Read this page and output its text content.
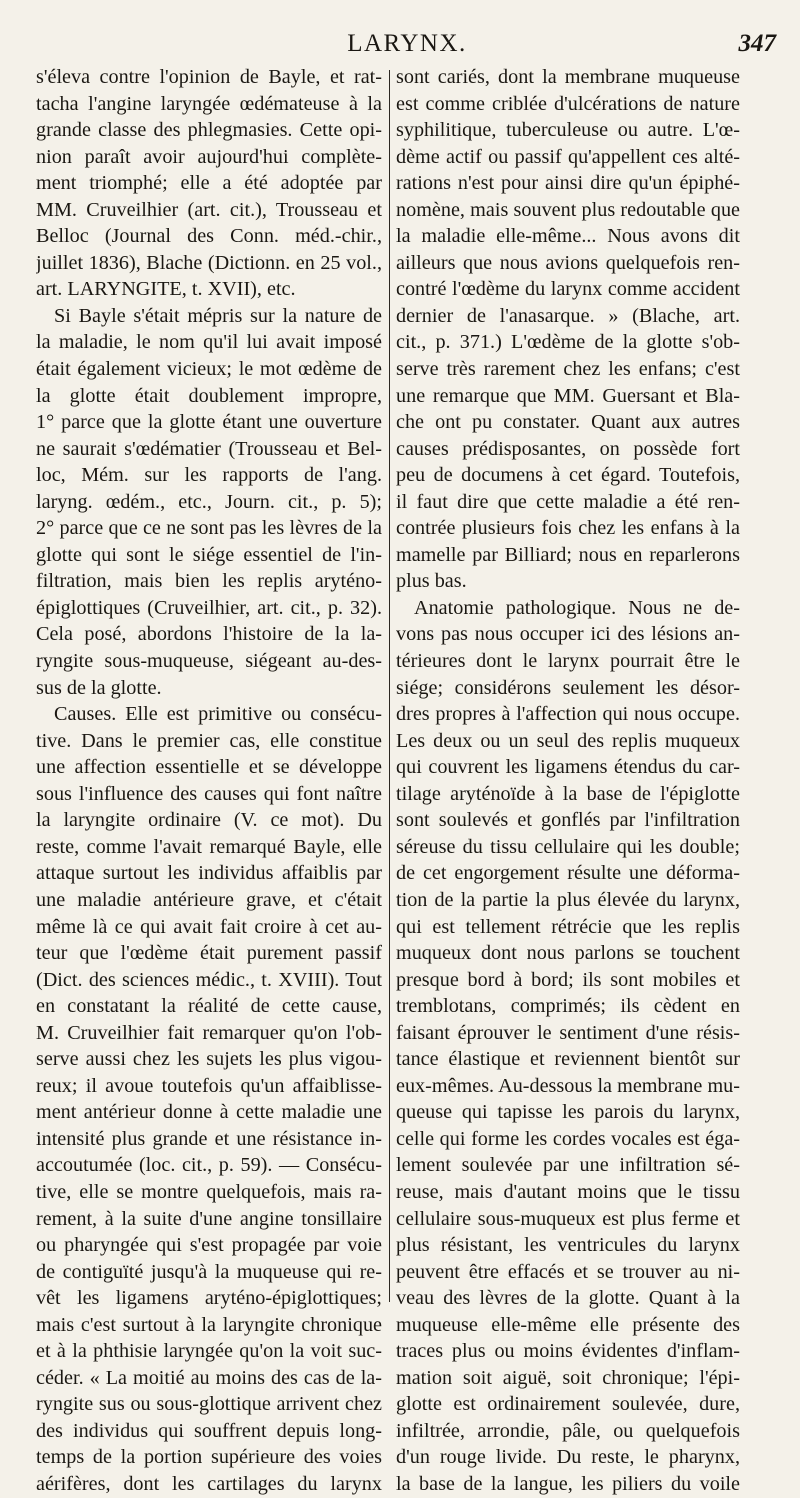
LARYNX.	347
s'éleva contre l'opinion de Bayle, et rat-
tacha l'angine laryngée œdémateuse à la
grande classe des phlegmasies. Cette opi-
nion paraît avoir aujourd'hui complète-
ment triomphé; elle a été adoptée par
MM. Cruveilhier (art. cit.), Trousseau et
Belloc (Journal des Conn. méd.-chir.,
juillet 1836), Blache (Dictionn. en 25 vol.,
art. LARYNGITE, t. XVII), etc.
Si Bayle s'était mépris sur la nature de
la maladie, le nom qu'il lui avait imposé
était également vicieux; le mot œdème de
la glotte était doublement impropre,
1° parce que la glotte étant une ouverture
ne saurait s'œdématier (Trousseau et Bel-
loc, Mém. sur les rapports de l'ang.
laryng. œdém., etc., Journ. cit., p. 5);
2° parce que ce ne sont pas les lèvres de la
glotte qui sont le siége essentiel de l'in-
filtration, mais bien les replis aryténo-
épiglottiques (Cruveilhier, art. cit., p. 32).
Cela posé, abordons l'histoire de la la-
ryngite sous-muqueuse, siégeant au-des-
sus de la glotte.
Causes. Elle est primitive ou consécu-
tive. Dans le premier cas, elle constitue
une affection essentielle et se développe
sous l'influence des causes qui font naître
la laryngite ordinaire (V. ce mot). Du
reste, comme l'avait remarqué Bayle, elle
attaque surtout les individus affaiblis par
une maladie antérieure grave, et c'était
même là ce qui avait fait croire à cet au-
teur que l'œdème était purement passif
(Dict. des sciences médic., t. XVIII). Tout
en constatant la réalité de cette cause,
M. Cruveilhier fait remarquer qu'on l'ob-
serve aussi chez les sujets les plus vigou-
reux; il avoue toutefois qu'un affaiblisse-
ment antérieur donne à cette maladie une
intensité plus grande et une résistance in-
accoutumée (loc. cit., p. 59). — Consécu-
tive, elle se montre quelquefois, mais ra-
rement, à la suite d'une angine tonsillaire
ou pharyngée qui s'est propagée par voie
de contiguïté jusqu'à la muqueuse qui re-
vêt les ligamens aryténo-épiglottiques;
mais c'est surtout à la laryngite chronique
et à la phthisie laryngée qu'on la voit suc-
céder. « La moitié au moins des cas de la-
ryngite sus ou sous-glottique arrivent chez
des individus qui souffrent depuis long-
temps de la portion supérieure des voies
aérifères, dont les cartilages du larynx
sont cariés, dont la membrane muqueuse
est comme criblée d'ulcérations de nature
syphilitique, tuberculeuse ou autre. L'œ-
dème actif ou passif qu'appellent ces alté-
rations n'est pour ainsi dire qu'un épiphé-
nomène, mais souvent plus redoutable que
la maladie elle-même... Nous avons dit
ailleurs que nous avions quelquefois ren-
contré l'œdème du larynx comme accident
dernier de l'anasarque. » (Blache, art.
cit., p. 371.) L'œdème de la glotte s'ob-
serve très rarement chez les enfans; c'est
une remarque que MM. Guersant et Bla-
che ont pu constater. Quant aux autres
causes prédisposantes, on possède fort
peu de documens à cet égard. Toutefois,
il faut dire que cette maladie a été ren-
contrée plusieurs fois chez les enfans à la
mamelle par Billiard; nous en reparlerons
plus bas.
Anatomie pathologique. Nous ne de-
vons pas nous occuper ici des lésions an-
térieures dont le larynx pourrait être le
siége; considérons seulement les désor-
dres propres à l'affection qui nous occupe.
Les deux ou un seul des replis muqueux
qui couvrent les ligamens étendus du car-
tilage aryténoïde à la base de l'épiglotte
sont soulevés et gonflés par l'infiltration
séreuse du tissu cellulaire qui les double;
de cet engorgement résulte une déforma-
tion de la partie la plus élevée du larynx,
qui est tellement rétrécie que les replis
muqueux dont nous parlons se touchent
presque bord à bord; ils sont mobiles et
tremblotans, comprimés; ils cèdent en
faisant éprouver le sentiment d'une résis-
tance élastique et reviennent bientôt sur
eux-mêmes. Au-dessous la membrane mu-
queuse qui tapisse les parois du larynx,
celle qui forme les cordes vocales est éga-
lement soulevée par une infiltration sé-
reuse, mais d'autant moins que le tissu
cellulaire sous-muqueux est plus ferme et
plus résistant, les ventricules du larynx
peuvent être effacés et se trouver au ni-
veau des lèvres de la glotte. Quant à la
muqueuse elle-même elle présente des
traces plus ou moins évidentes d'inflam-
mation soit aiguë, soit chronique; l'épi-
glotte est ordinairement soulevée, dure,
infiltrée, arrondie, pâle, ou quelquefois
d'un rouge livide. Du reste, le pharynx,
la base de la langue, les piliers du voile
